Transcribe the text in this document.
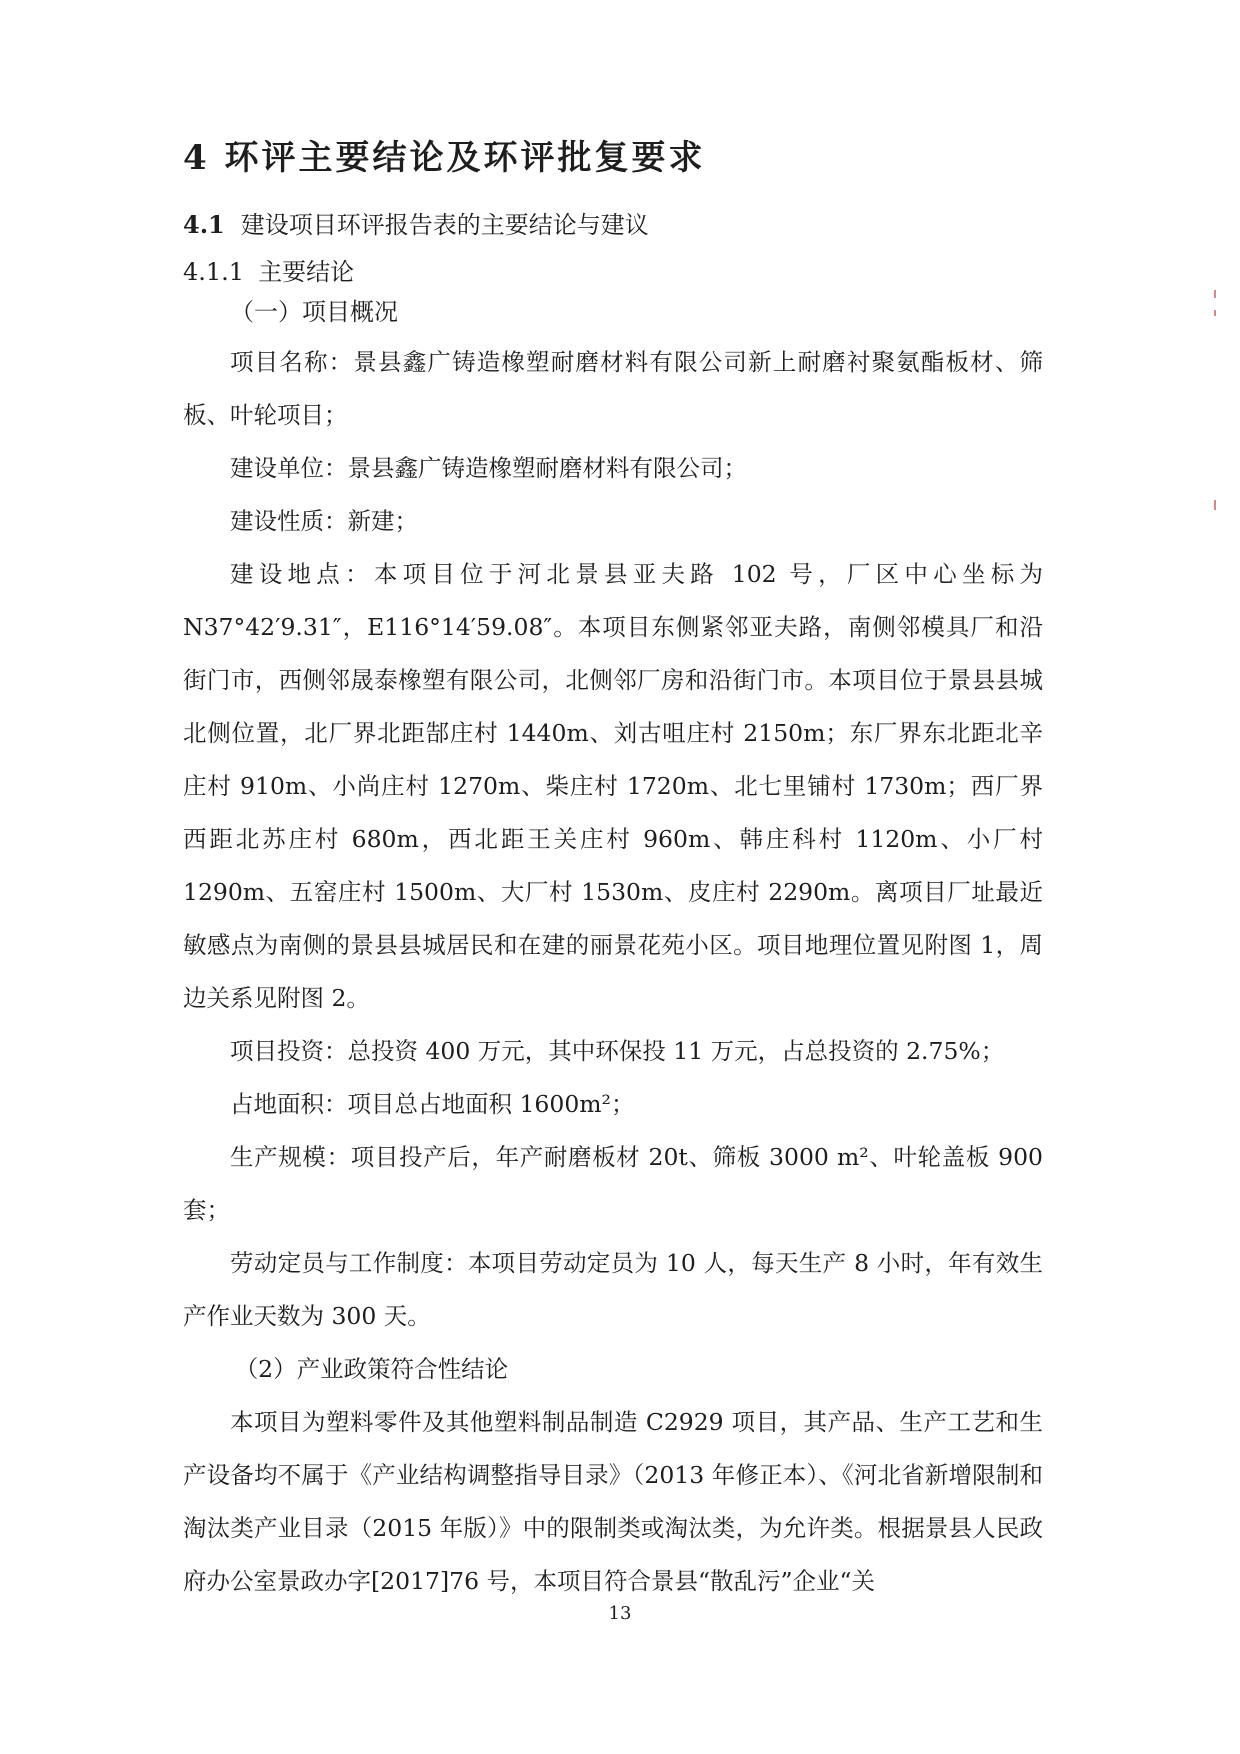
4 环评主要结论及环评批复要求
4.1 建设项目环评报告表的主要结论与建议
4.1.1 主要结论
（一）项目概况

项目名称：景县鑫广铸造橡塑耐磨材料有限公司新上耐磨衬聚氨酯板材、筛板、叶轮项目；

建设单位：景县鑫广铸造橡塑耐磨材料有限公司；

建设性质：新建；

建设地点：本项目位于河北景县亚夫路 102 号，厂区中心坐标为 N37°42′9.31″，E116°14′59.08″。本项目东侧紧邻亚夫路，南侧邻模具厂和沿街门市，西侧邻晟泰橡塑有限公司，北侧邻厂房和沿街门市。本项目位于景县县城北侧位置，北厂界北距郜庄村 1440m、刘古咀庄村 2150m；东厂界东北距北辛庄村 910m、小尚庄村 1270m、柴庄村 1720m、北七里铺村 1730m；西厂界西距北苏庄村 680m，西北距王关庄村 960m、韩庄科村 1120m、小厂村 1290m、五窑庄村 1500m、大厂村 1530m、皮庄村 2290m。离项目厂址最近敏感点为南侧的景县县城居民和在建的丽景花苑小区。项目地理位置见附图 1，周边关系见附图 2。

项目投资：总投资 400 万元，其中环保投 11 万元，占总投资的 2.75%；

占地面积：项目总占地面积 1600m²；

生产规模：项目投产后，年产耐磨板材 20t、筛板 3000 m²、叶轮盖板 900 套；

劳动定员与工作制度：本项目劳动定员为 10 人，每天生产 8 小时，年有效生产作业天数为 300 天。

（2）产业政策符合性结论

本项目为塑料零件及其他塑料制品制造 C2929 项目，其产品、生产工艺和生产设备均不属于《产业结构调整指导目录》（2013 年修正本）、《河北省新增限制和淘汰类产业目录（2015 年版）》中的限制类或淘汰类，为允许类。根据景县人民政府办公室景政办字[2017]76 号，本项目符合景县“散乱污”企业“关

13
